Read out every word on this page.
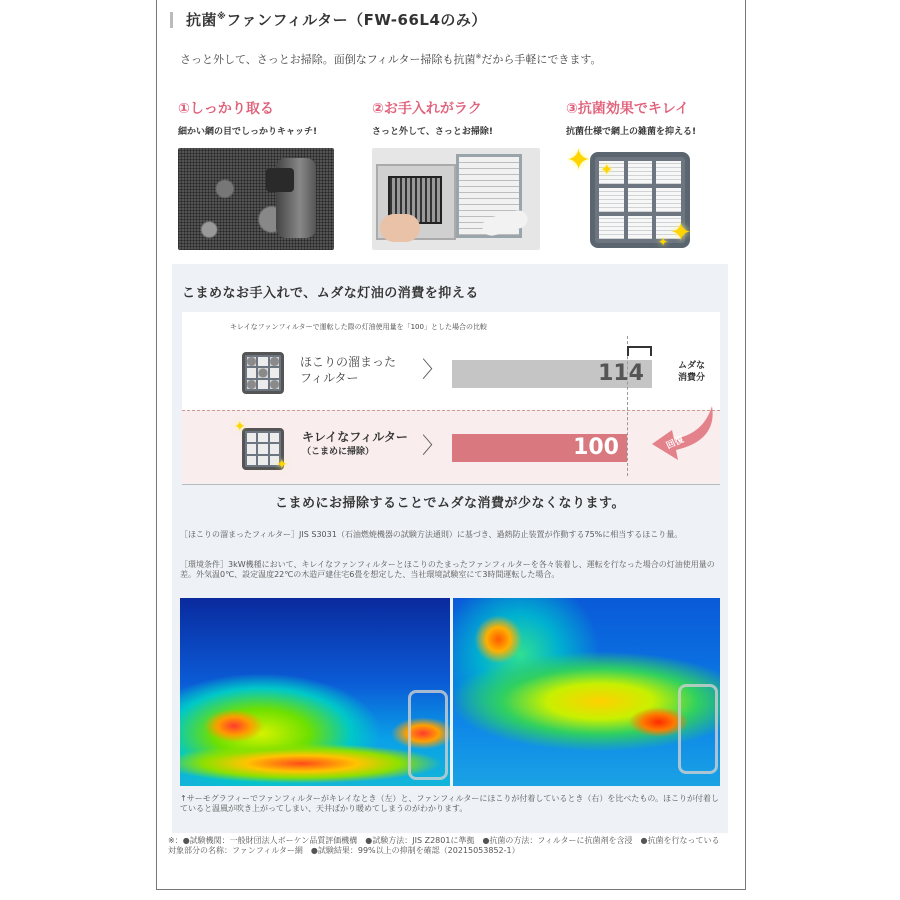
抗菌※ファンフィルター（FW-66L4のみ）
さっと外して、さっとお掃除。面倒なフィルター掃除も抗菌※だから手軽にできます。
①しっかり取る

細かい網の目でしっかりキャッチ!

②お手入れがラク

さっと外して、さっとお掃除!

③抗菌効果でキレイ

抗菌仕様で網上の雑菌を抑える!

✦ ✦
✦
✦
こまめなお手入れで、ムダな灯油の消費を抑える
キレイなファンフィルターで運転した際の灯油使用量を「100」とした場合の比較
ほこりの溜まった
フィルター	〉
✦
✦
キレイなフィルター
（こまめに掃除）	〉
114
100
ムダな
消費分
回復
こまめにお掃除することでムダな消費が少なくなります。
［ほこりの溜まったフィルター］JIS S3031（石油燃焼機器の試験方法通則）に基づき、過熱防止装置が作動する75%に相当するほこり量。
［環境条件］3kW機種において、キレイなファンフィルターとほこりのたまったファンフィルターを各々装着し、運転を行なった場合の灯油使用量の差。外気温0℃、設定温度22℃の木造戸建住宅6畳を想定した、当社環境試験室にて3時間運転した場合。
↑サーモグラフィーでファンフィルターがキレイなとき（左）と、ファンフィルターにほこりが付着しているとき（右）を比べたもの。ほこりが付着していると温風が吹き上がってしまい、天井ばかり暖めてしまうのがわかります。
※：●試験機関：一般財団法人ボーケン品質評価機構　●試験方法：JIS Z2801に準拠　●抗菌の方法：フィルターに抗菌剤を含浸　●抗菌を行なっている対象部分の名称：ファンフィルター網　●試験結果：99%以上の抑制を確認（20215053852-1）
